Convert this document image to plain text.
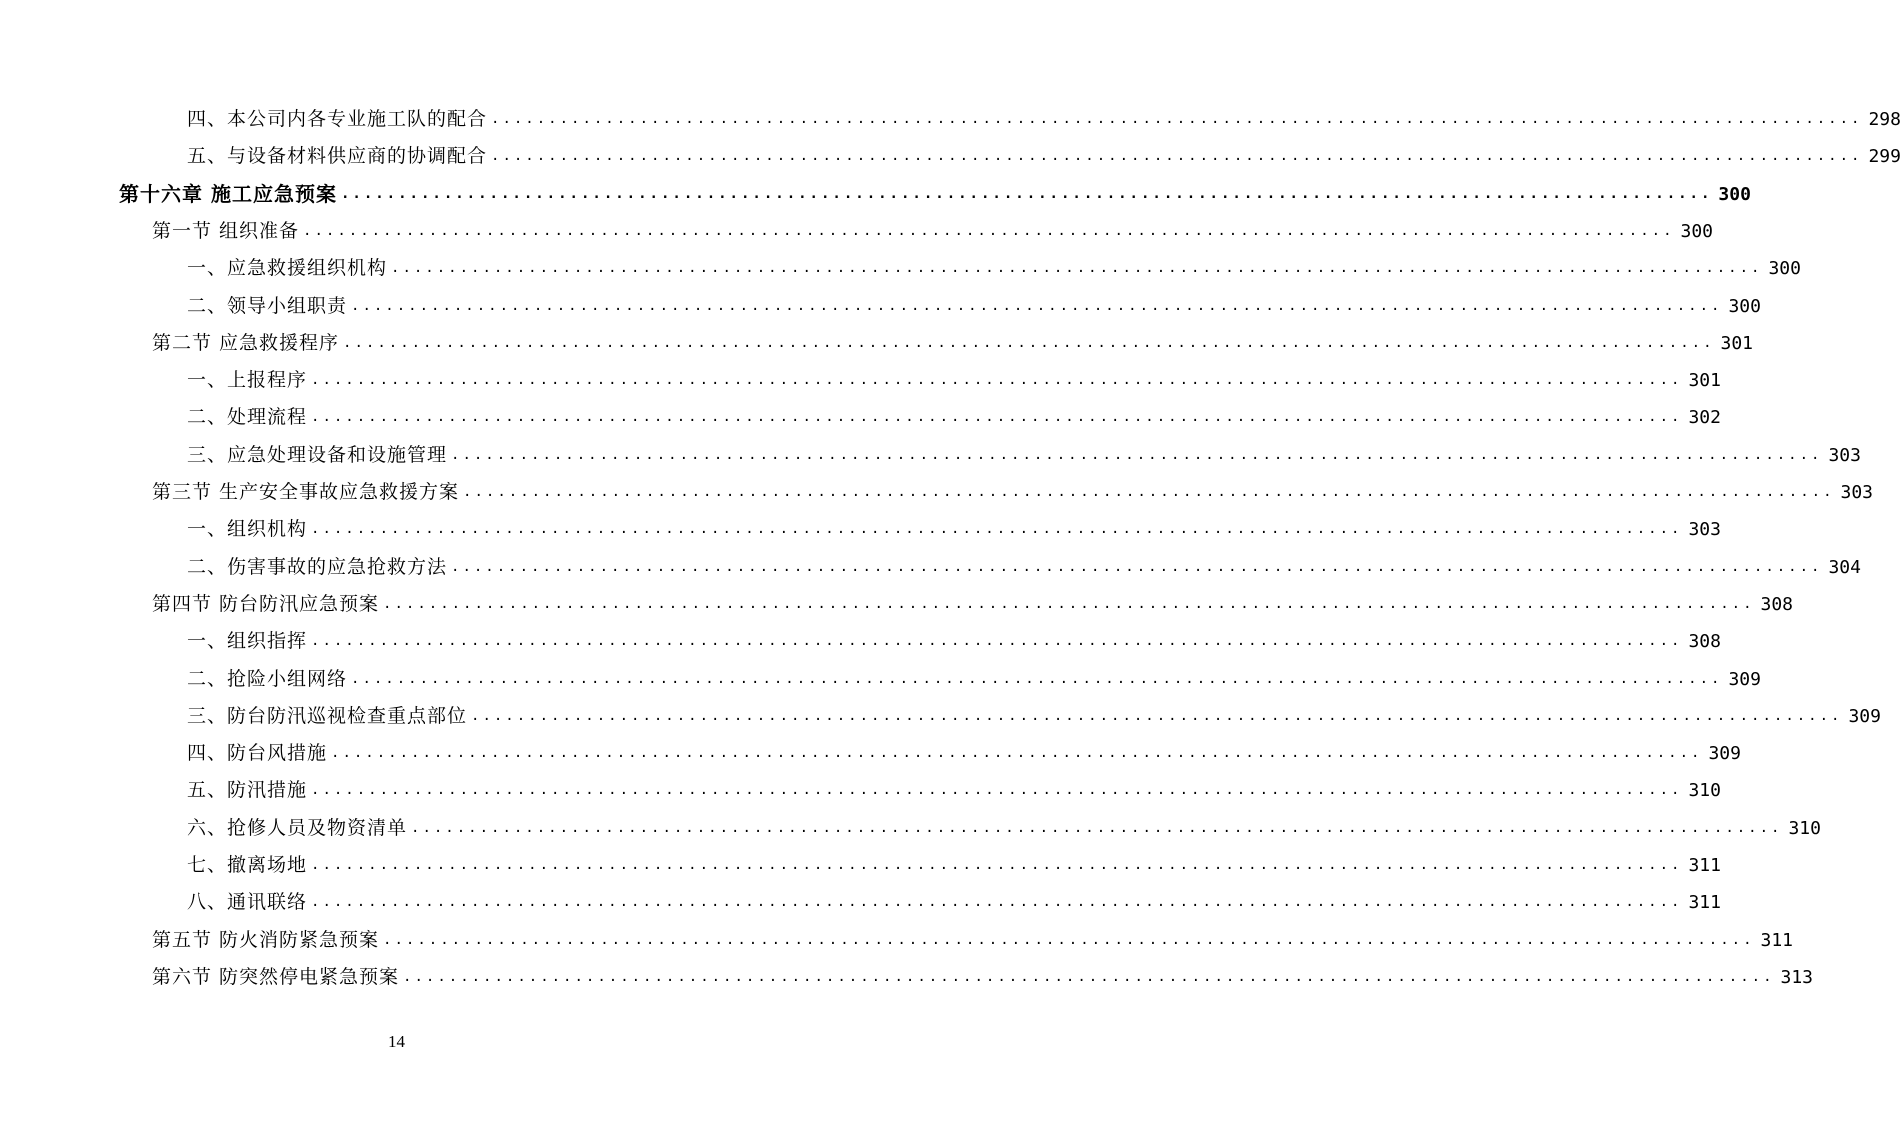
四、本公司内各专业施工队的配合 ........................................................................................................................ 298
五、与设备材料供应商的协调配合 ........................................................................................................................ 299
第十六章 施工应急预案 ........................................................................................................................ 300
第一节 组织准备 ........................................................................................................................ 300
一、应急救援组织机构 ........................................................................................................................ 300
二、领导小组职责 ........................................................................................................................ 300
第二节 应急救援程序 ........................................................................................................................ 301
一、上报程序 ........................................................................................................................ 301
二、处理流程 ........................................................................................................................ 302
三、应急处理设备和设施管理 ........................................................................................................................ 303
第三节 生产安全事故应急救援方案 ........................................................................................................................ 303
一、组织机构 ........................................................................................................................ 303
二、伤害事故的应急抢救方法 ........................................................................................................................ 304
第四节 防台防汛应急预案 ........................................................................................................................ 308
一、组织指挥 ........................................................................................................................ 308
二、抢险小组网络 ........................................................................................................................ 309
三、防台防汛巡视检查重点部位 ........................................................................................................................ 309
四、防台风措施 ........................................................................................................................ 309
五、防汛措施 ........................................................................................................................ 310
六、抢修人员及物资清单 ........................................................................................................................ 310
七、撤离场地 ........................................................................................................................ 311
八、通讯联络 ........................................................................................................................ 311
第五节 防火消防紧急预案 ........................................................................................................................ 311
第六节 防突然停电紧急预案 ........................................................................................................................ 313
14
